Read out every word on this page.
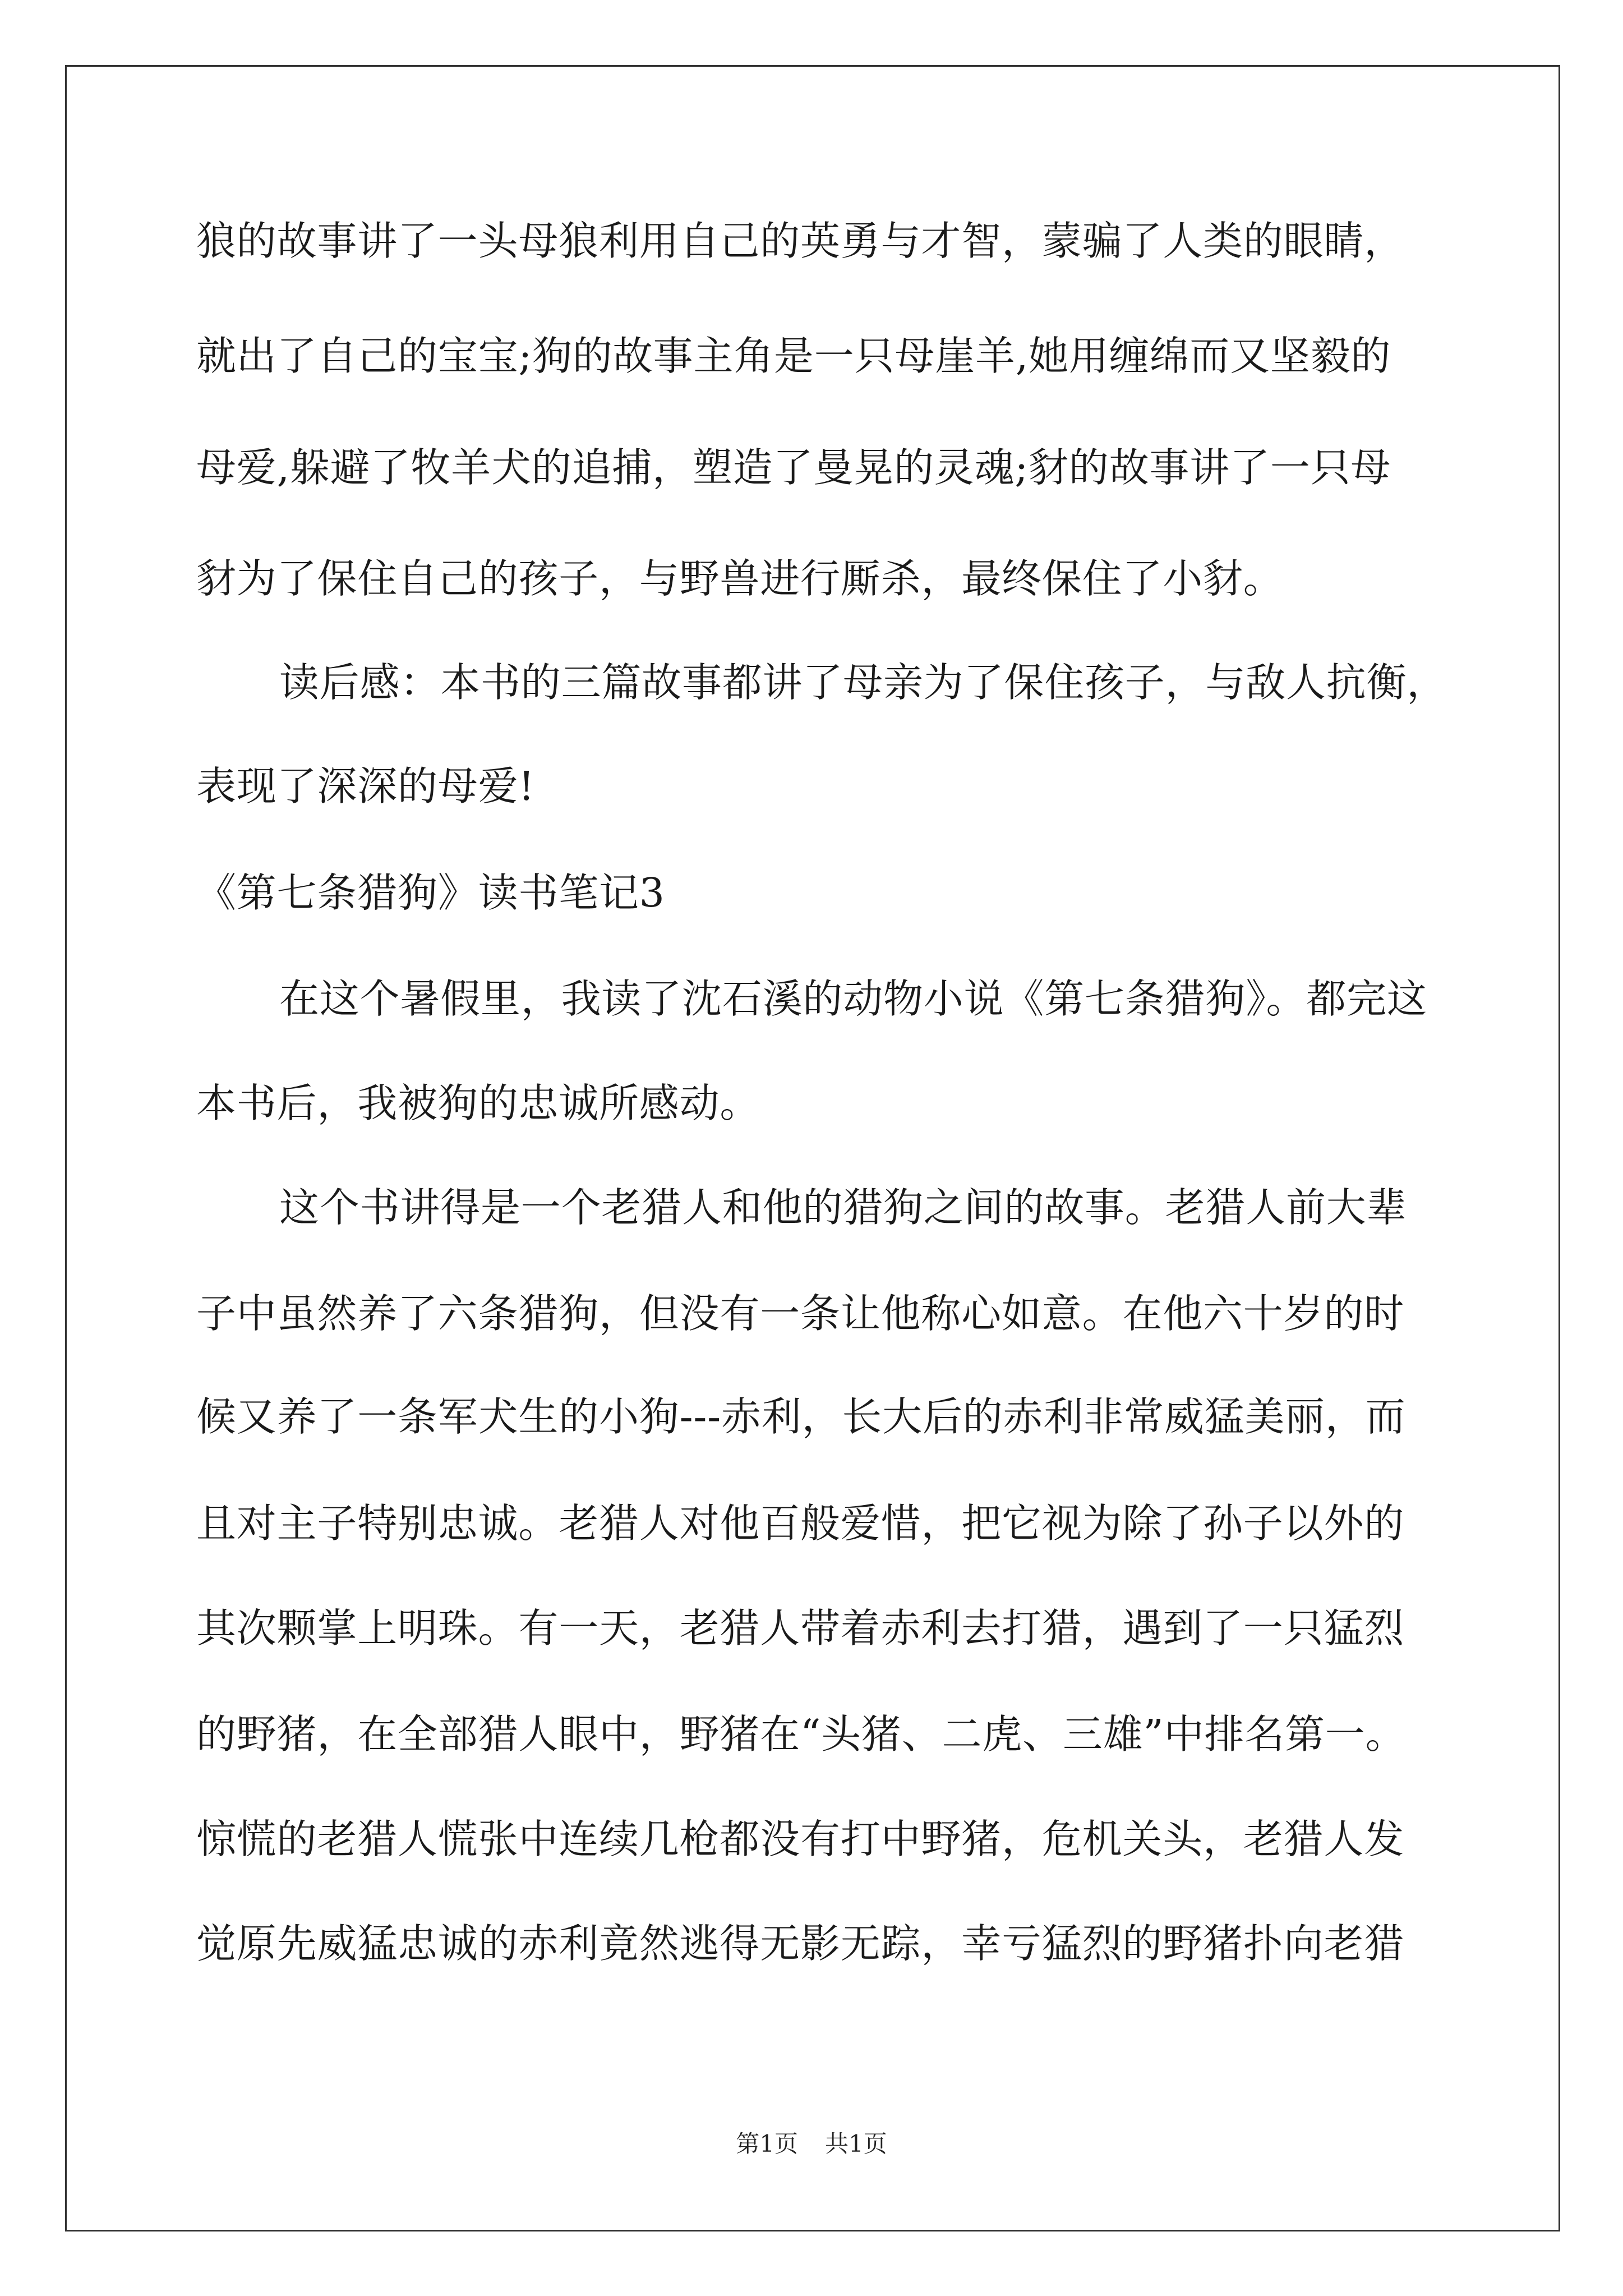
狼的故事讲了一头母狼利用自己的英勇与才智，蒙骗了人类的眼睛，
就出了自己的宝宝;狗的故事主角是一只母崖羊,她用缠绵而又坚毅的
母爱,躲避了牧羊犬的追捕，塑造了曼晃的灵魂;豺的故事讲了一只母
豺为了保住自己的孩子，与野兽进行厮杀，最终保住了小豺。
读后感：本书的三篇故事都讲了母亲为了保住孩子，与敌人抗衡，
表现了深深的母爱!
《第七条猎狗》读书笔记3
在这个暑假里，我读了沈石溪的动物小说《第七条猎狗》。都完这
本书后，我被狗的忠诚所感动。
这个书讲得是一个老猎人和他的猎狗之间的故事。老猎人前大辈
子中虽然养了六条猎狗，但没有一条让他称心如意。在他六十岁的时
候又养了一条军犬生的小狗---赤利，长大后的赤利非常威猛美丽，而
且对主子特别忠诚。老猎人对他百般爱惜，把它视为除了孙子以外的
其次颗掌上明珠。有一天，老猎人带着赤利去打猎，遇到了一只猛烈
的野猪，在全部猎人眼中，野猪在“头猪、二虎、三雄”中排名第一。
惊慌的老猎人慌张中连续几枪都没有打中野猪，危机关头，老猎人发
觉原先威猛忠诚的赤利竟然逃得无影无踪，幸亏猛烈的野猪扑向老猎
第1页 共1页
